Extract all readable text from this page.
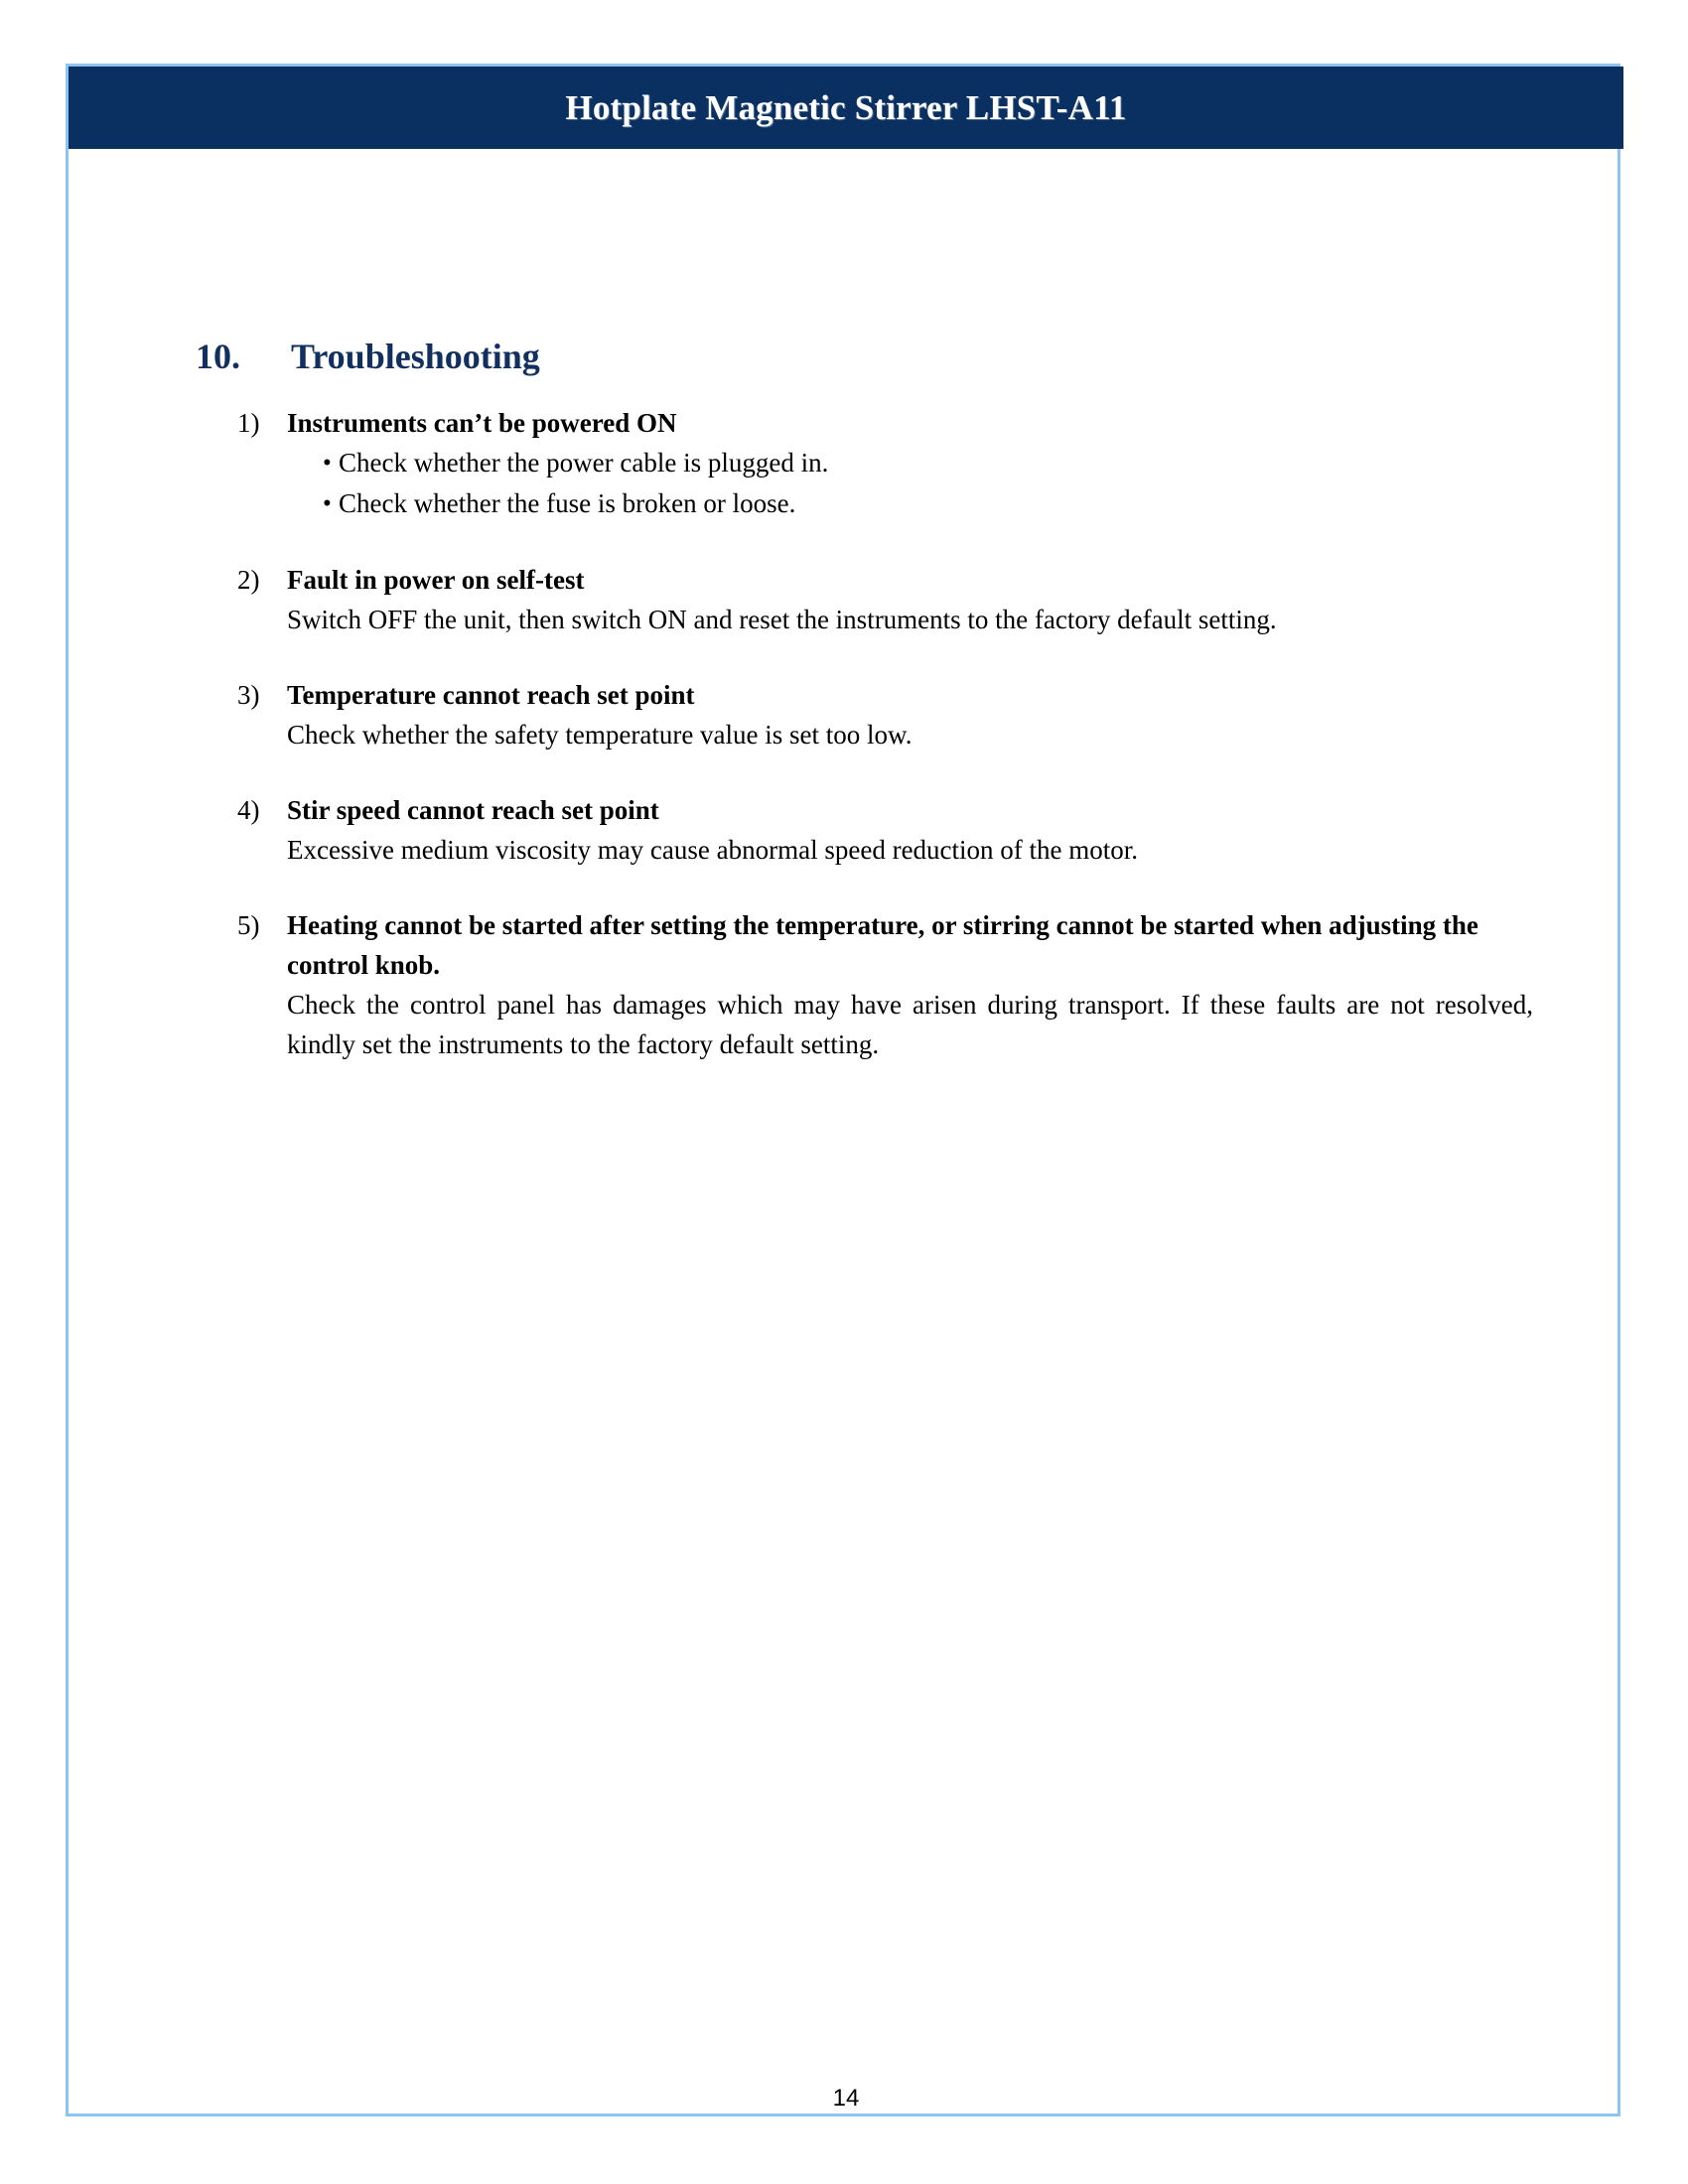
Hotplate Magnetic Stirrer LHST-A11
10.	Troubleshooting
1)	Instruments can’t be powered ON
• Check whether the power cable is plugged in.
• Check whether the fuse is broken or loose.
2)	Fault in power on self-test
Switch OFF the unit, then switch ON and reset the instruments to the factory default setting.
3)	Temperature cannot reach set point
Check whether the safety temperature value is set too low.
4)	Stir speed cannot reach set point
Excessive medium viscosity may cause abnormal speed reduction of the motor.
5)	Heating cannot be started after setting the temperature, or stirring cannot be started when adjusting the control knob.
Check the control panel has damages which may have arisen during transport. If these faults are not resolved, kindly set the instruments to the factory default setting.
14
